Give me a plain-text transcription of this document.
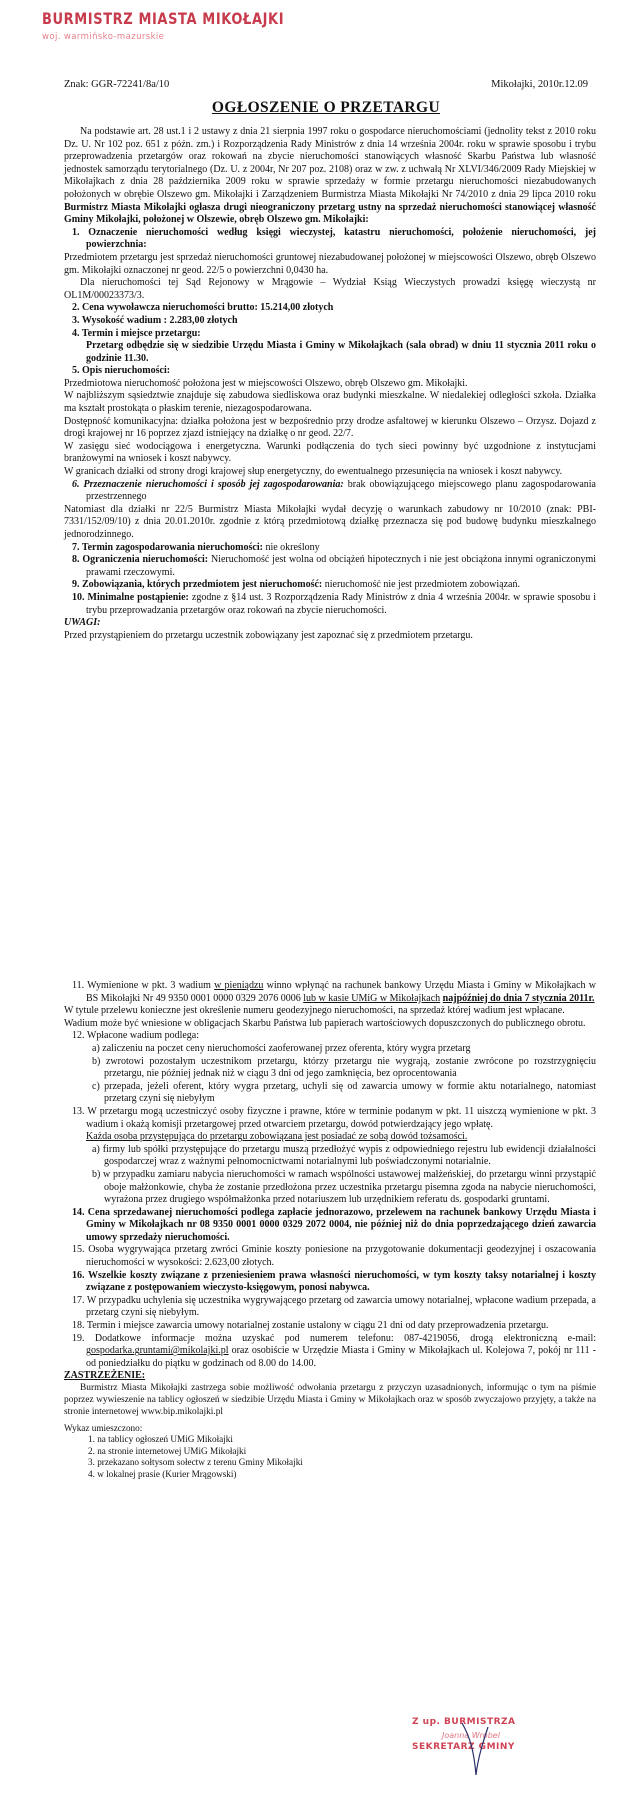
BURMISTRZ MIASTA MIKOŁAJKI
woj. warmińsko-mazurskie
Znak: GGR-72241/8a/10	Mikołajki, 2010r.12.09
OGŁOSZENIE O PRZETARGU

Na podstawie art. 28 ust.1 i 2 ustawy z dnia 21 sierpnia 1997 roku o gospodarce nieruchomościami (jednolity tekst z 2010 roku Dz. U. Nr 102 poz. 651 z późn. zm.) i Rozporządzenia Rady Ministrów z dnia 14 września 2004r. roku w sprawie sposobu i trybu przeprowadzenia przetargów oraz rokowań na zbycie nieruchomości stanowiących własność Skarbu Państwa lub własność jednostek samorządu terytorialnego (Dz. U. z 2004r, Nr 207 poz. 2108) oraz w zw. z uchwałą Nr XLVI/346/2009 Rady Miejskiej w Mikołajkach z dnia 28 października 2009 roku w sprawie sprzedaży w formie przetargu nieruchomości niezabudowanych położonych w obrębie Olszewo gm. Mikołajki i Zarządzeniem Burmistrza Miasta Mikołajki Nr 74/2010 z dnia 29 lipca 2010 roku Burmistrz Miasta Mikołajki ogłasza drugi nieograniczony przetarg ustny na sprzedaż nieruchomości stanowiącej własność Gminy Mikołajki, położonej w Olszewie, obręb Olszewo gm. Mikołajki:

1. Oznaczenie nieruchomości według księgi wieczystej, katastru nieruchomości, położenie nieruchomości, jej powierzchnia:

Przedmiotem przetargu jest sprzedaż nieruchomości gruntowej niezabudowanej położonej w miejscowości Olszewo, obręb Olszewo gm. Mikołajki oznaczonej nr geod. 22/5 o powierzchni 0,0430 ha.

Dla nieruchomości tej Sąd Rejonowy w Mrągowie – Wydział Ksiąg Wieczystych prowadzi księgę wieczystą nr OL1M/00023373/3.

2. Cena wywoławcza nieruchomości brutto: 15.214,00 złotych

3. Wysokość wadium : 2.283,00 złotych

4. Termin i miejsce przetargu:

Przetarg odbędzie się w siedzibie Urzędu Miasta i Gminy w Mikołajkach (sala obrad) w dniu 11 stycznia 2011 roku o godzinie 11.30.

5. Opis nieruchomości:

Przedmiotowa nieruchomość położona jest w miejscowości Olszewo, obręb Olszewo gm. Mikołajki.

W najbliższym sąsiedztwie znajduje się zabudowa siedliskowa oraz budynki mieszkalne. W niedalekiej odległości szkoła. Działka ma kształt prostokąta o płaskim terenie, niezagospodarowana.

Dostępność komunikacyjna: działka położona jest w bezpośrednio przy drodze asfaltowej w kierunku Olszewo – Orzysz. Dojazd z drogi krajowej nr 16 poprzez zjazd istniejący na działkę o nr geod. 22/7.

W zasięgu sieć wodociągowa i energetyczna. Warunki podłączenia do tych sieci powinny być uzgodnione z instytucjami branżowymi na wniosek i koszt nabywcy.

W granicach działki od strony drogi krajowej słup energetyczny, do ewentualnego przesunięcia na wniosek i koszt nabywcy.

6. Przeznaczenie nieruchomości i sposób jej zagospodarowania: brak obowiązującego miejscowego planu zagospodarowania przestrzennego

Natomiast dla działki nr 22/5 Burmistrz Miasta Mikołajki wydał decyzję o warunkach zabudowy nr 10/2010 (znak: PBI-7331/152/09/10) z dnia 20.01.2010r. zgodnie z którą przedmiotową działkę przeznacza się pod budowę budynku mieszkalnego jednorodzinnego.

7. Termin zagospodarowania nieruchomości: nie określony

8. Ograniczenia nieruchomości: Nieruchomość jest wolna od obciążeń hipotecznych i nie jest obciążona innymi ograniczonymi prawami rzeczowymi.

9. Zobowiązania, których przedmiotem jest nieruchomość: nieruchomość nie jest przedmiotem zobowiązań.

10. Minimalne postąpienie: zgodne z §14 ust. 3 Rozporządzenia Rady Ministrów z dnia 4 września 2004r. w sprawie sposobu i trybu przeprowadzania przetargów oraz rokowań na zbycie nieruchomości.

UWAGI:

Przed przystąpieniem do przetargu uczestnik zobowiązany jest zapoznać się z przedmiotem przetargu.

11. Wymienione w pkt. 3 wadium w pieniądzu winno wpłynąć na rachunek bankowy Urzędu Miasta i Gminy w Mikołajkach w BS Mikołajki Nr 49 9350 0001 0000 0329 2076 0006 lub w kasie UMiG w Mikołajkach najpóźniej do dnia 7 stycznia 2011r.

W tytule przelewu konieczne jest określenie numeru geodezyjnego nieruchomości, na sprzedaż której wadium jest wpłacane.

Wadium może być wniesione w obligacjach Skarbu Państwa lub papierach wartościowych dopuszczonych do publicznego obrotu.

12. Wpłacone wadium podlega:

a) zaliczeniu na poczet ceny nieruchomości zaoferowanej przez oferenta, który wygra przetarg

b) zwrotowi pozostałym uczestnikom przetargu, którzy przetargu nie wygrają, zostanie zwrócone po rozstrzygnięciu przetargu, nie później jednak niż w ciągu 3 dni od jego zamknięcia, bez oprocentowania

c) przepada, jeżeli oferent, który wygra przetarg, uchyli się od zawarcia umowy w formie aktu notarialnego, natomiast przetarg czyni się niebyłym

13. W przetargu mogą uczestniczyć osoby fizyczne i prawne, które w terminie podanym w pkt. 11 uiszczą wymienione w pkt. 3 wadium i okażą komisji przetargowej przed otwarciem przetargu, dowód potwierdzający jego wpłatę.

Każda osoba przystępująca do przetargu zobowiązana jest posiadać ze sobą dowód tożsamości.

a) firmy lub spółki przystępujące do przetargu muszą przedłożyć wypis z odpowiedniego rejestru lub ewidencji działalności gospodarczej wraz z ważnymi pełnomocnictwami notarialnymi lub poświadczonymi notarialnie.

b) w przypadku zamiaru nabycia nieruchomości w ramach wspólności ustawowej małżeńskiej, do przetargu winni przystąpić oboje małżonkowie, chyba że zostanie przedłożona przez uczestnika przetargu pisemna zgoda na nabycie nieruchomości, wyrażona przez drugiego współmałżonka przed notariuszem lub urzędnikiem referatu ds. gospodarki gruntami.

14. Cena sprzedawanej nieruchomości podlega zapłacie jednorazowo, przelewem na rachunek bankowy Urzędu Miasta i Gminy w Mikołajkach nr 08 9350 0001 0000 0329 2072 0004, nie później niż do dnia poprzedzającego dzień zawarcia umowy sprzedaży nieruchomości.

15. Osoba wygrywająca przetarg zwróci Gminie koszty poniesione na przygotowanie dokumentacji geodezyjnej i oszacowania nieruchomości w wysokości: 2.623,00 złotych.

16. Wszelkie koszty związane z przeniesieniem prawa własności nieruchomości, w tym koszty taksy notarialnej i koszty związane z postępowaniem wieczysto-księgowym, ponosi nabywca.

17. W przypadku uchylenia się uczestnika wygrywającego przetarg od zawarcia umowy notarialnej, wpłacone wadium przepada, a przetarg czyni się niebyłym.

18. Termin i miejsce zawarcia umowy notarialnej zostanie ustalony w ciągu 21 dni od daty przeprowadzenia przetargu.

19. Dodatkowe informacje można uzyskać pod numerem telefonu: 087-4219056, drogą elektroniczną e-mail: gospodarka.gruntami@mikolajki.pl oraz osobiście w Urzędzie Miasta i Gminy w Mikołajkach ul. Kolejowa 7, pokój nr 111 - od poniedziałku do piątku w godzinach od 8.00 do 14.00.

ZASTRZEŻENIE:

Burmistrz Miasta Mikołajki zastrzega sobie możliwość odwołania przetargu z przyczyn uzasadnionych, informując o tym na piśmie poprzez wywieszenie na tablicy ogłoszeń w siedzibie Urzędu Miasta i Gminy w Mikołajkach oraz w sposób zwyczajowo przyjęty, a także na stronie internetowej www.bip.mikolajki.pl

Wykaz umieszczono:
1. na tablicy ogłoszeń UMiG Mikołajki
2. na stronie internetowej UMiG Mikołajki
3. przekazano sołtysom sołectw z terenu Gminy Mikołajki
4. w lokalnej prasie (Kurier Mrągowski)
Z up. BURMISTRZA
Joanna Wróbel
SEKRETARZ GMINY
